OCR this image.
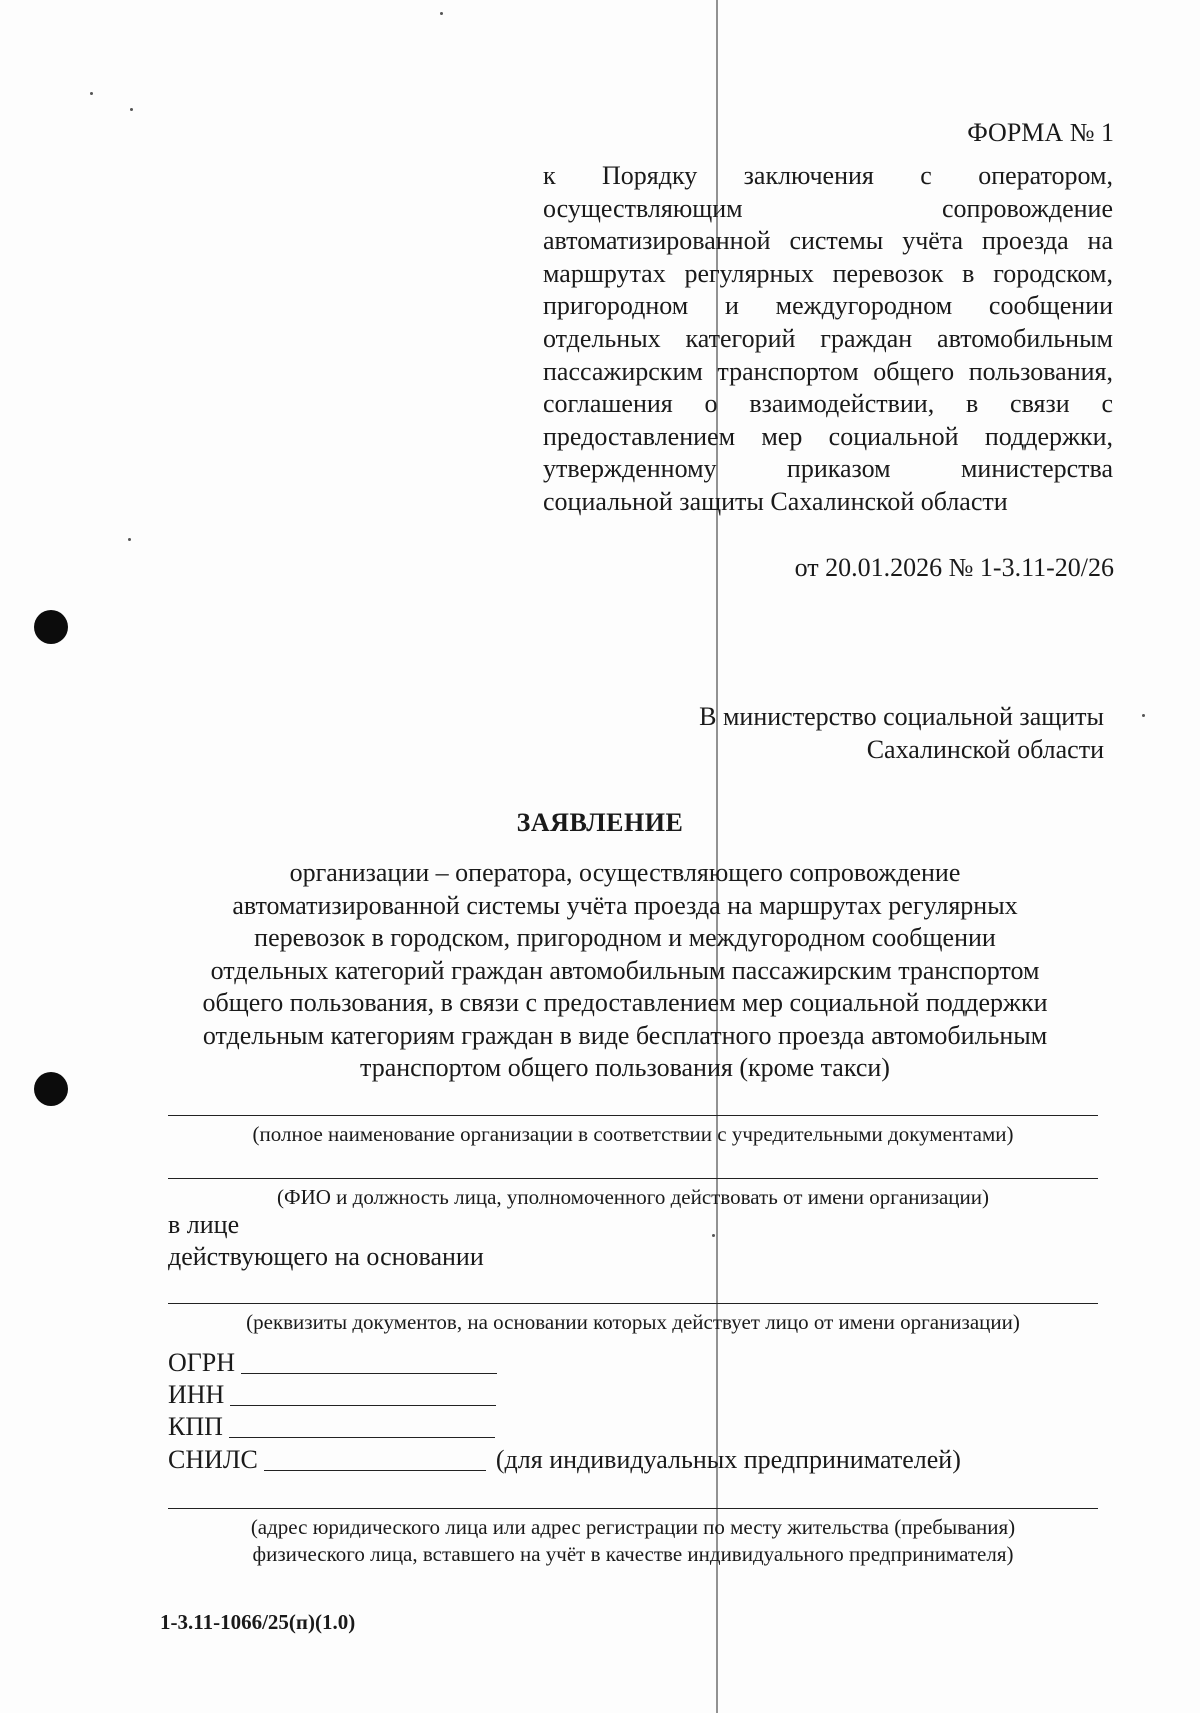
ФОРМА № 1
к Порядку заключения с оператором, осуществляющим сопровождение автоматизированной системы учёта проезда на маршрутах регулярных перевозок в городском, пригородном и междугородном сообщении отдельных категорий граждан автомобильным пассажирским транспортом общего пользования, соглашения о взаимодействии, в связи с предоставлением мер социальной поддержки, утвержденному приказом министерства социальной защиты Сахалинской области
от 20.01.2026 № 1-3.11-20/26
В министерство социальной защиты
Сахалинской области
ЗАЯВЛЕНИЕ
организации – оператора, осуществляющего сопровождение
автоматизированной системы учёта проезда на маршрутах регулярных
перевозок в городском, пригородном и междугородном сообщении
отдельных категорий граждан автомобильным пассажирским транспортом
общего пользования, в связи с предоставлением мер социальной поддержки
отдельным категориям граждан в виде бесплатного проезда автомобильным
транспортом общего пользования (кроме такси)
(полное наименование организации в соответствии с учредительными документами)
(ФИО и должность лица, уполномоченного действовать от имени организации)
в лице
действующего на основании
(реквизиты документов, на основании которых действует лицо от имени организации)
ОГРН
ИНН
КПП
СНИЛС	(для индивидуальных предпринимателей)
(адрес юридического лица или адрес регистрации по месту жительства (пребывания)
физического лица, вставшего на учёт в качестве индивидуального предпринимателя)
1-3.11-1066/25(п)(1.0)
